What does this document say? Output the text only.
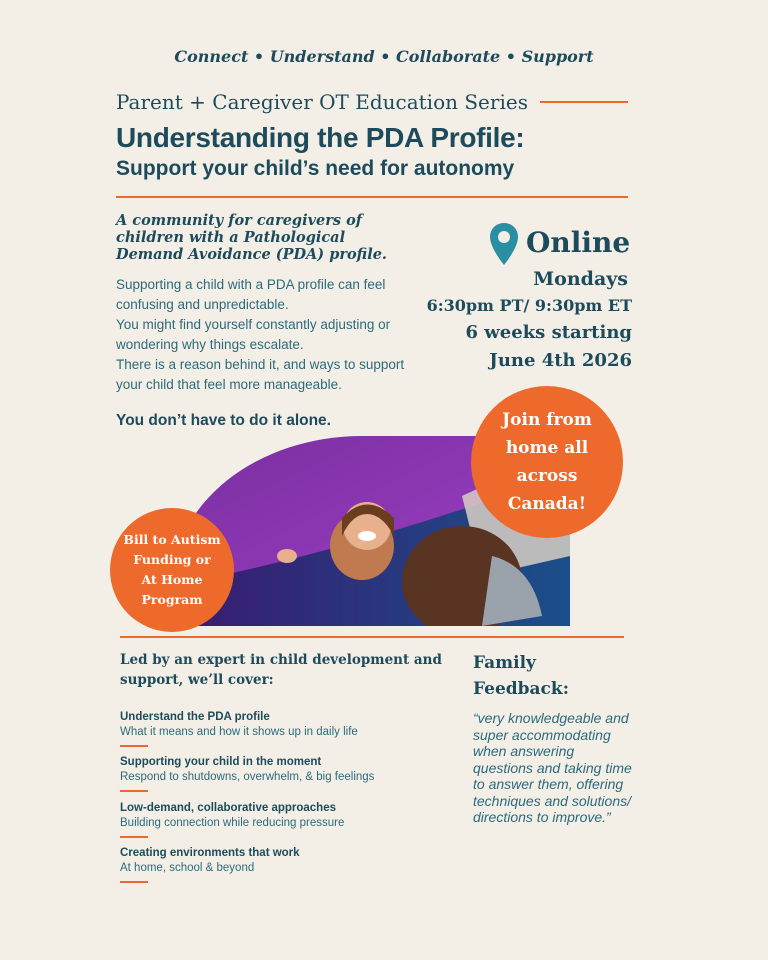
Connect • Understand • Collaborate • Support
Parent + Caregiver OT Education Series
Understanding the PDA Profile:
Support your child’s need for autonomy
A community for caregivers of children with a Pathological Demand Avoidance (PDA) profile.

Supporting a child with a PDA profile can feel confusing and unpredictable.

You might find yourself constantly adjusting or wondering why things escalate.

There is a reason behind it, and ways to support your child that feel more manageable.

You don’t have to do it alone.
Online
Mondays
6:30pm PT/ 9:30pm ET
6 weeks starting
June 4th 2026
Join from
home all
across
Canada!
Bill to Autism
Funding or
At Home
Program
Led by an expert in child development and support, we’ll cover:
Understand the PDA profile
What it means and how it shows up in daily life
Supporting your child in the moment
Respond to shutdowns, overwhelm, & big feelings
Low-demand, collaborative approaches
Building connection while reducing pressure
Creating environments that work
At home, school & beyond
Family
Feedback:
“very knowledgeable and super accommodating when answering questions and taking time to answer them, offering techniques and solutions/ directions to improve.”
